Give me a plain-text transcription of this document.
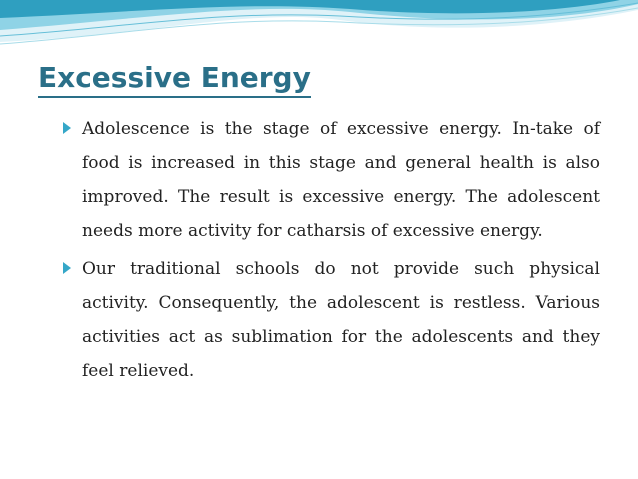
Excessive Energy
Adolescence is the stage of excessive energy. In-take of food is increased in this stage and general health is also improved. The result is excessive energy. The adolescent needs more activity for catharsis of excessive energy.
Our traditional schools do not provide such physical activity. Consequently, the adolescent is restless. Various activities act as sublimation for the adolescents and they feel relieved.
